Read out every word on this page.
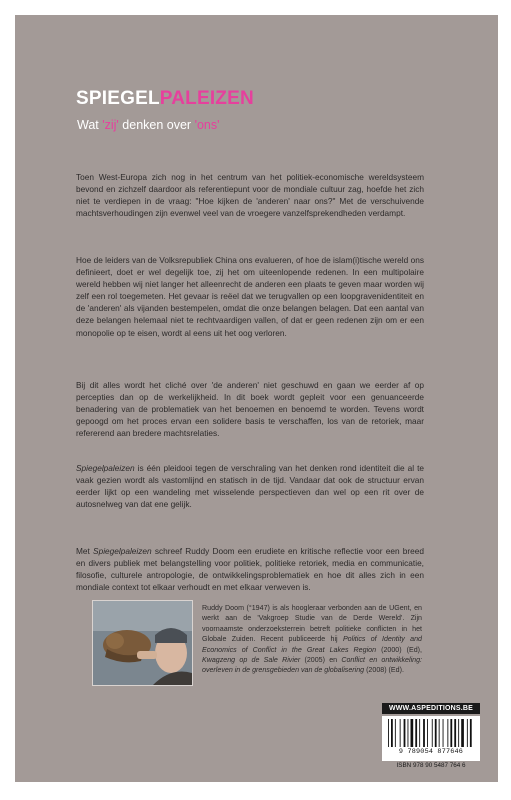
SPIEGELPALEIZEN
Wat 'zij' denken over 'ons'

Toen West-Europa zich nog in het centrum van het politiek-economische wereldsysteem bevond en zichzelf daardoor als referentiepunt voor de mondiale cultuur zag, hoefde het zich niet te verdiepen in de vraag: "Hoe kijken de 'anderen' naar ons?" Met de verschuivende machtsverhoudingen zijn evenwel veel van de vroegere vanzelfsprekendheden verdampt.

Hoe de leiders van de Volksrepubliek China ons evalueren, of hoe de islam(i)tische wereld ons definieert, doet er wel degelijk toe, zij het om uiteenlopende redenen. In een multipolaire wereld hebben wij niet langer het alleenrecht de anderen een plaats te geven maar worden wij zelf een rol toegemeten. Het gevaar is reëel dat we terugvallen op een loopgravenidentiteit en de 'anderen' als vijanden bestempelen, omdat die onze belangen belagen. Dat een aantal van deze belangen helemaal niet te rechtvaardigen vallen, of dat er geen redenen zijn om er een monopolie op te eisen, wordt al eens uit het oog verloren.

Bij dit alles wordt het cliché over 'de anderen' niet geschuwd en gaan we eerder af op percepties dan op de werkelijkheid. In dit boek wordt gepleit voor een genuanceerde benadering van de problematiek van het benoemen en benoemd te worden. Tevens wordt gepoogd om het proces ervan een solidere basis te verschaffen, los van de retoriek, maar refererend aan bredere machtsrelaties.

Spiegelpaleizen is één pleidooi tegen de verschraling van het denken rond identiteit die al te vaak gezien wordt als vastomlijnd en statisch in de tijd. Vandaar dat ook de structuur ervan eerder lijkt op een wandeling met wisselende perspectieven dan wel op een rit over de autosnelweg van dat ene gelijk.

Met Spiegelpaleizen schreef Ruddy Doom een erudiete en kritische reflectie voor een breed en divers publiek met belangstelling voor politiek, politieke retoriek, media en communicatie, filosofie, culturele antropologie, de ontwikkelingsproblematiek en hoe dit alles zich in een mondiale context tot elkaar verhoudt en met elkaar verweven is.

Ruddy Doom (°1947) is als hoogleraar verbonden aan de UGent, en werkt aan de 'Vakgroep Studie van de Derde Wereld'. Zijn voornaamste onderzoeksterrein betreft politieke conflicten in het Globale Zuiden. Recent publiceerde hij Politics of Identity and Economics of Conflict in the Great Lakes Region (2000) (Ed), Kwagzeng op de Sale Rivier (2005) en Conflict en ontwikkeling: overleven in de grensgebieden van de globalisering (2008) (Ed).

WWW.ASPEDITIONS.BE
9 789054 877646
ISBN 978 90 5487 764 6
